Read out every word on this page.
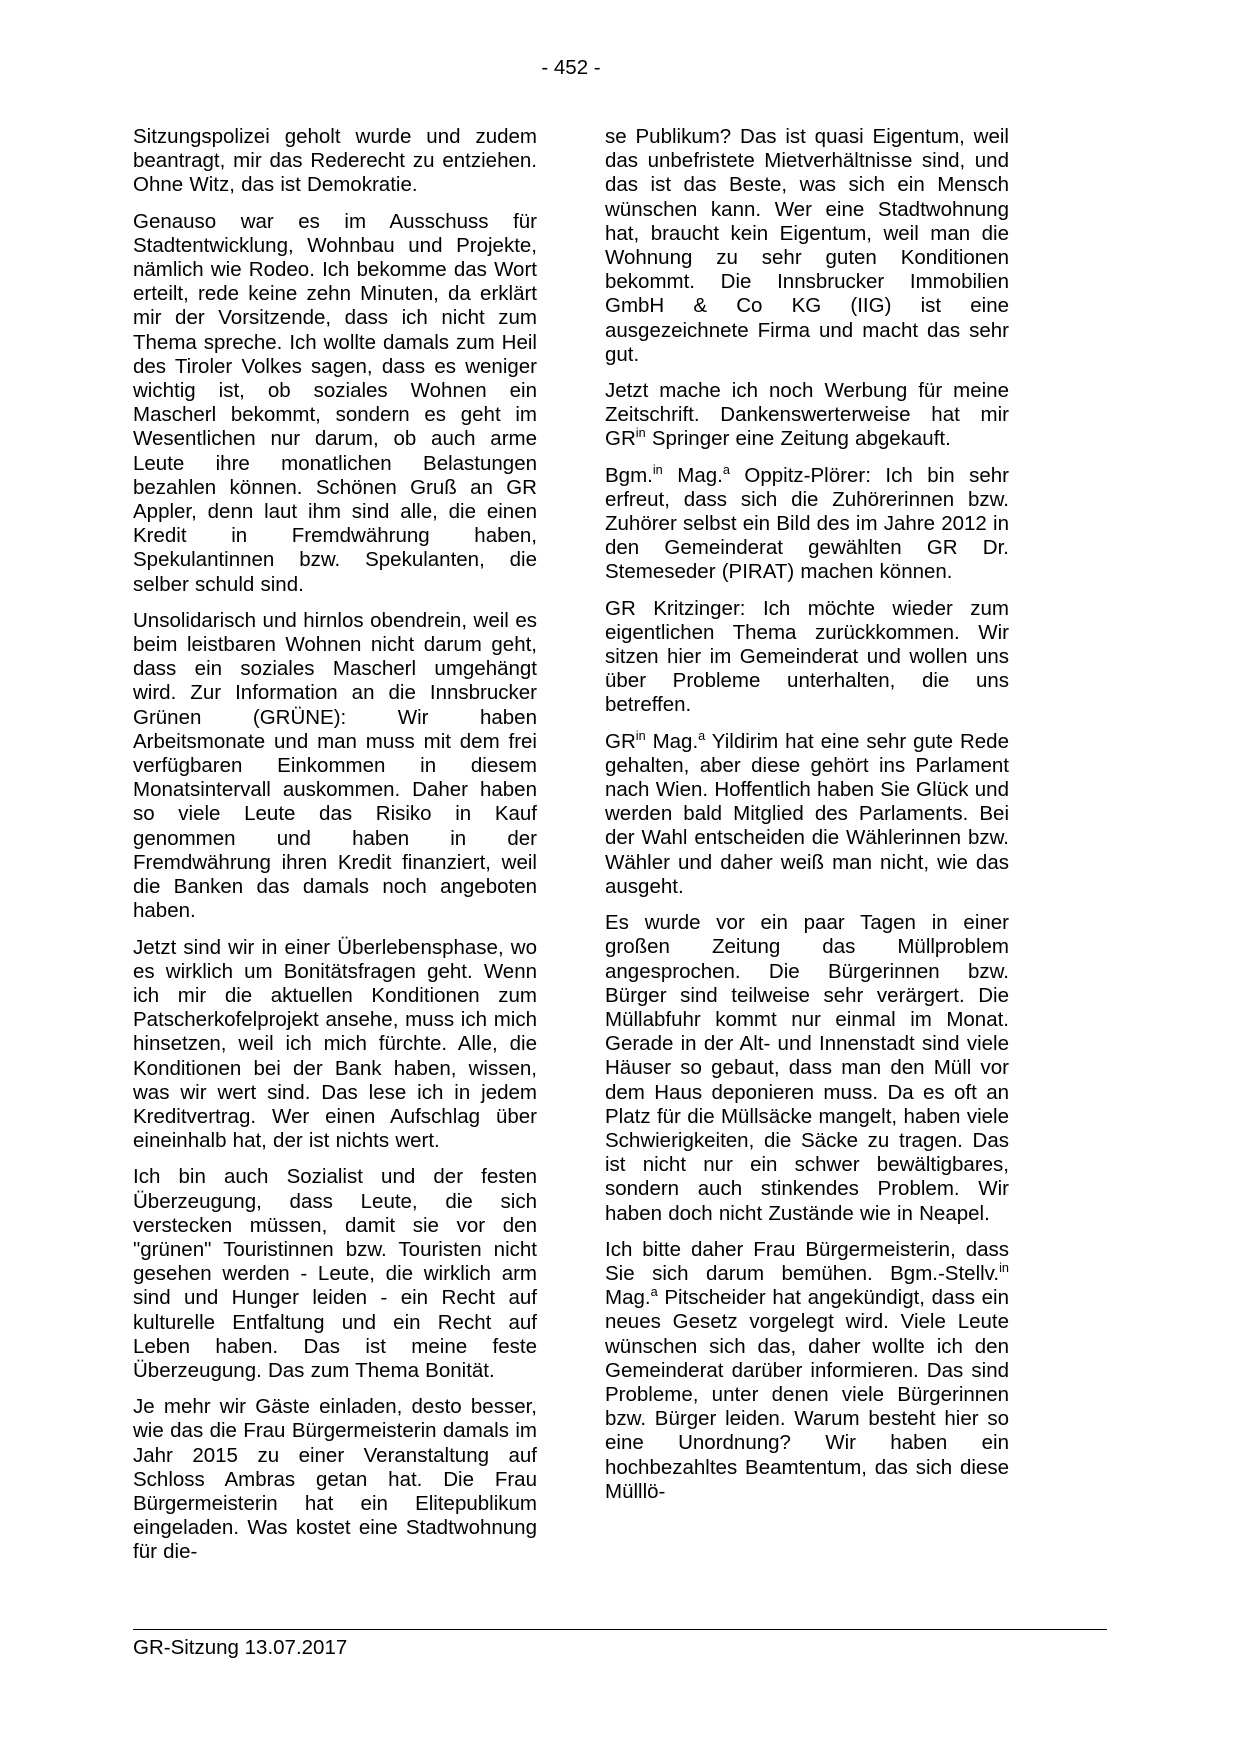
- 452 -

Sitzungspolizei geholt wurde und zudem beantragt, mir das Rederecht zu entziehen. Ohne Witz, das ist Demokratie.

Genauso war es im Ausschuss für Stadtentwicklung, Wohnbau und Projekte, nämlich wie Rodeo. Ich bekomme das Wort erteilt, rede keine zehn Minuten, da erklärt mir der Vorsitzende, dass ich nicht zum Thema spreche. Ich wollte damals zum Heil des Tiroler Volkes sagen, dass es weniger wichtig ist, ob soziales Wohnen ein Mascherl bekommt, sondern es geht im Wesentlichen nur darum, ob auch arme Leute ihre monatlichen Belastungen bezahlen können. Schönen Gruß an GR Appler, denn laut ihm sind alle, die einen Kredit in Fremdwährung haben, Spekulantinnen bzw. Spekulanten, die selber schuld sind.

Unsolidarisch und hirnlos obendrein, weil es beim leistbaren Wohnen nicht darum geht, dass ein soziales Mascherl umgehängt wird. Zur Information an die Innsbrucker Grünen (GRÜNE): Wir haben Arbeitsmonate und man muss mit dem frei verfügbaren Einkommen in diesem Monatsintervall auskommen. Daher haben so viele Leute das Risiko in Kauf genommen und haben in der Fremdwährung ihren Kredit finanziert, weil die Banken das damals noch angeboten haben.

Jetzt sind wir in einer Überlebensphase, wo es wirklich um Bonitätsfragen geht. Wenn ich mir die aktuellen Konditionen zum Patscherkofelprojekt ansehe, muss ich mich hinsetzen, weil ich mich fürchte. Alle, die Konditionen bei der Bank haben, wissen, was wir wert sind. Das lese ich in jedem Kreditvertrag. Wer einen Aufschlag über eineinhalb hat, der ist nichts wert.

Ich bin auch Sozialist und der festen Überzeugung, dass Leute, die sich verstecken müssen, damit sie vor den "grünen" Touristinnen bzw. Touristen nicht gesehen werden - Leute, die wirklich arm sind und Hunger leiden - ein Recht auf kulturelle Entfaltung und ein Recht auf Leben haben. Das ist meine feste Überzeugung. Das zum Thema Bonität.

Je mehr wir Gäste einladen, desto besser, wie das die Frau Bürgermeisterin damals im Jahr 2015 zu einer Veranstaltung auf Schloss Ambras getan hat. Die Frau Bürgermeisterin hat ein Elitepublikum eingeladen. Was kostet eine Stadtwohnung für die-

se Publikum? Das ist quasi Eigentum, weil das unbefristete Mietverhältnisse sind, und das ist das Beste, was sich ein Mensch wünschen kann. Wer eine Stadtwohnung hat, braucht kein Eigentum, weil man die Wohnung zu sehr guten Konditionen bekommt. Die Innsbrucker Immobilien GmbH & Co KG (IIG) ist eine ausgezeichnete Firma und macht das sehr gut.

Jetzt mache ich noch Werbung für meine Zeitschrift. Dankenswerterweise hat mir $GR^{in}$ Springer eine Zeitung abgekauft.

Bgm.$^{in}$ Mag.$^a$ Oppitz-Plörer: Ich bin sehr erfreut, dass sich die Zuhörerinnen bzw. Zuhörer selbst ein Bild des im Jahre 2012 in den Gemeinderat gewählten GR Dr. Stemeseder (PIRAT) machen können.

GR Kritzinger: Ich möchte wieder zum eigentlichen Thema zurückkommen. Wir sitzen hier im Gemeinderat und wollen uns über Probleme unterhalten, die uns betreffen.

$GR^{in}$ Mag.$^a$ Yildirim hat eine sehr gute Rede gehalten, aber diese gehört ins Parlament nach Wien. Hoffentlich haben Sie Glück und werden bald Mitglied des Parlaments. Bei der Wahl entscheiden die Wählerinnen bzw. Wähler und daher weiß man nicht, wie das ausgeht.

Es wurde vor ein paar Tagen in einer großen Zeitung das Müllproblem angesprochen. Die Bürgerinnen bzw. Bürger sind teilweise sehr verärgert. Die Müllabfuhr kommt nur einmal im Monat. Gerade in der Alt- und Innenstadt sind viele Häuser so gebaut, dass man den Müll vor dem Haus deponieren muss. Da es oft an Platz für die Müllsäcke mangelt, haben viele Schwierigkeiten, die Säcke zu tragen. Das ist nicht nur ein schwer bewältigbares, sondern auch stinkendes Problem. Wir haben doch nicht Zustände wie in Neapel.

Ich bitte daher Frau Bürgermeisterin, dass Sie sich darum bemühen. Bgm.-Stellv.$^{in}$ Mag.$^a$ Pitscheider hat angekündigt, dass ein neues Gesetz vorgelegt wird. Viele Leute wünschen sich das, daher wollte ich den Gemeinderat darüber informieren. Das sind Probleme, unter denen viele Bürgerinnen bzw. Bürger leiden. Warum besteht hier so eine Unordnung? Wir haben ein hochbezahltes Beamtentum, das sich diese Mülllö-

GR-Sitzung 13.07.2017
